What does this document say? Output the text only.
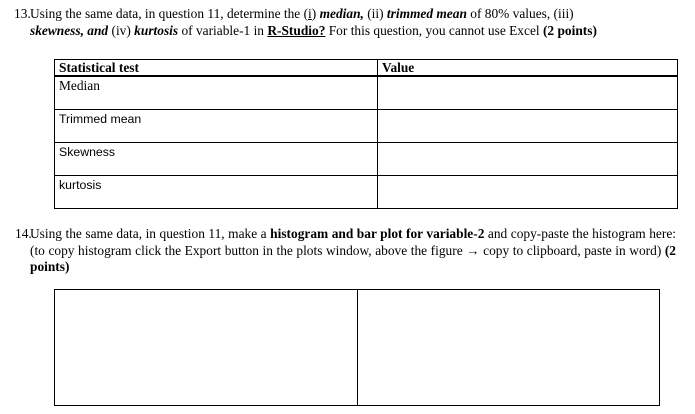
13. Using the same data, in question 11, determine the (i) median, (ii) trimmed mean of 80% values, (iii)
skewness, and (iv) kurtosis of variable-1 in R-Studio? For this question, you cannot use Excel (2 points)
Statistical test	Value
Median	
Trimmed mean	
Skewness	
kurtosis	
14.
Using the same data, in question 11, make a histogram and bar plot for variable-2 and copy-paste the histogram here: (to copy histogram click the Export button in the plots window, above the figure → copy to clipboard, paste in word) (2 points)
